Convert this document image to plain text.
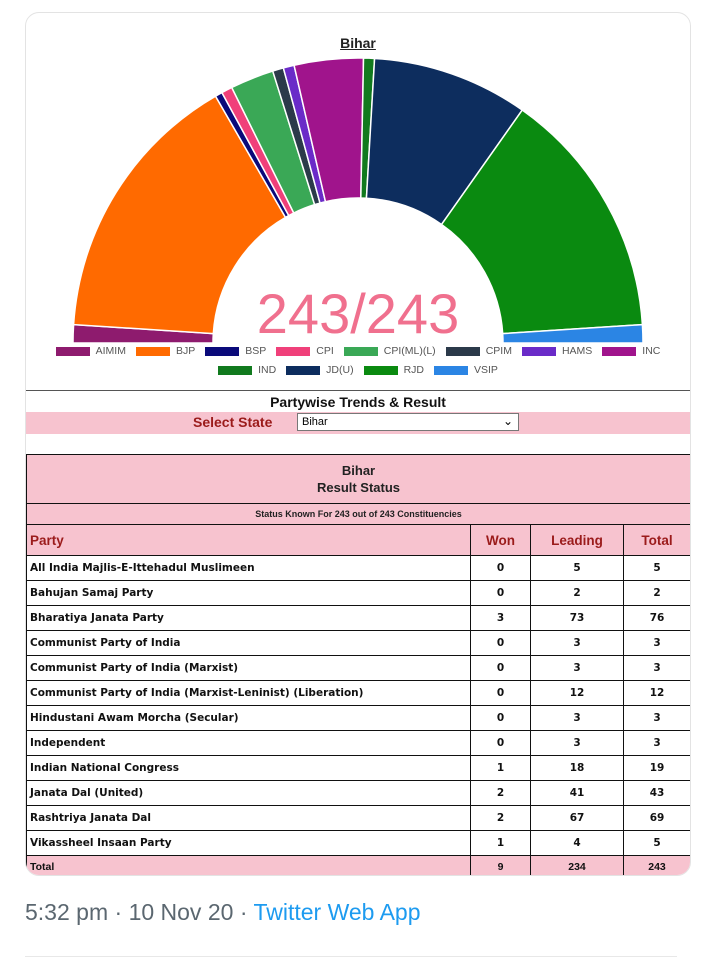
243/243
Bihar
AIMIM	BJP	BSP	CPI	CPI(ML)(L)	CPIM	HAMS	INC
IND	JD(U)	RJD	VSIP
Partywise Trends & Result
Select State	Bihar	⌄
Bihar
Result Status			

Status Known For 243 out of 243 Constituencies			
Party	Won	Leading	Total
All India Majlis-E-Ittehadul Muslimeen	0	5	5
Bahujan Samaj Party	0	2	2
Bharatiya Janata Party	3	73	76
Communist Party of India	0	3	3
Communist Party of India (Marxist)	0	3	3
Communist Party of India (Marxist-Leninist) (Liberation)	0	12	12
Hindustani Awam Morcha (Secular)	0	3	3
Independent	0	3	3
Indian National Congress	1	18	19
Janata Dal (United)	2	41	43
Rashtriya Janata Dal	2	67	69
Vikassheel Insaan Party	1	4	5
Total	9	234	243
5:32 pm · 10 Nov 20 · Twitter Web App
